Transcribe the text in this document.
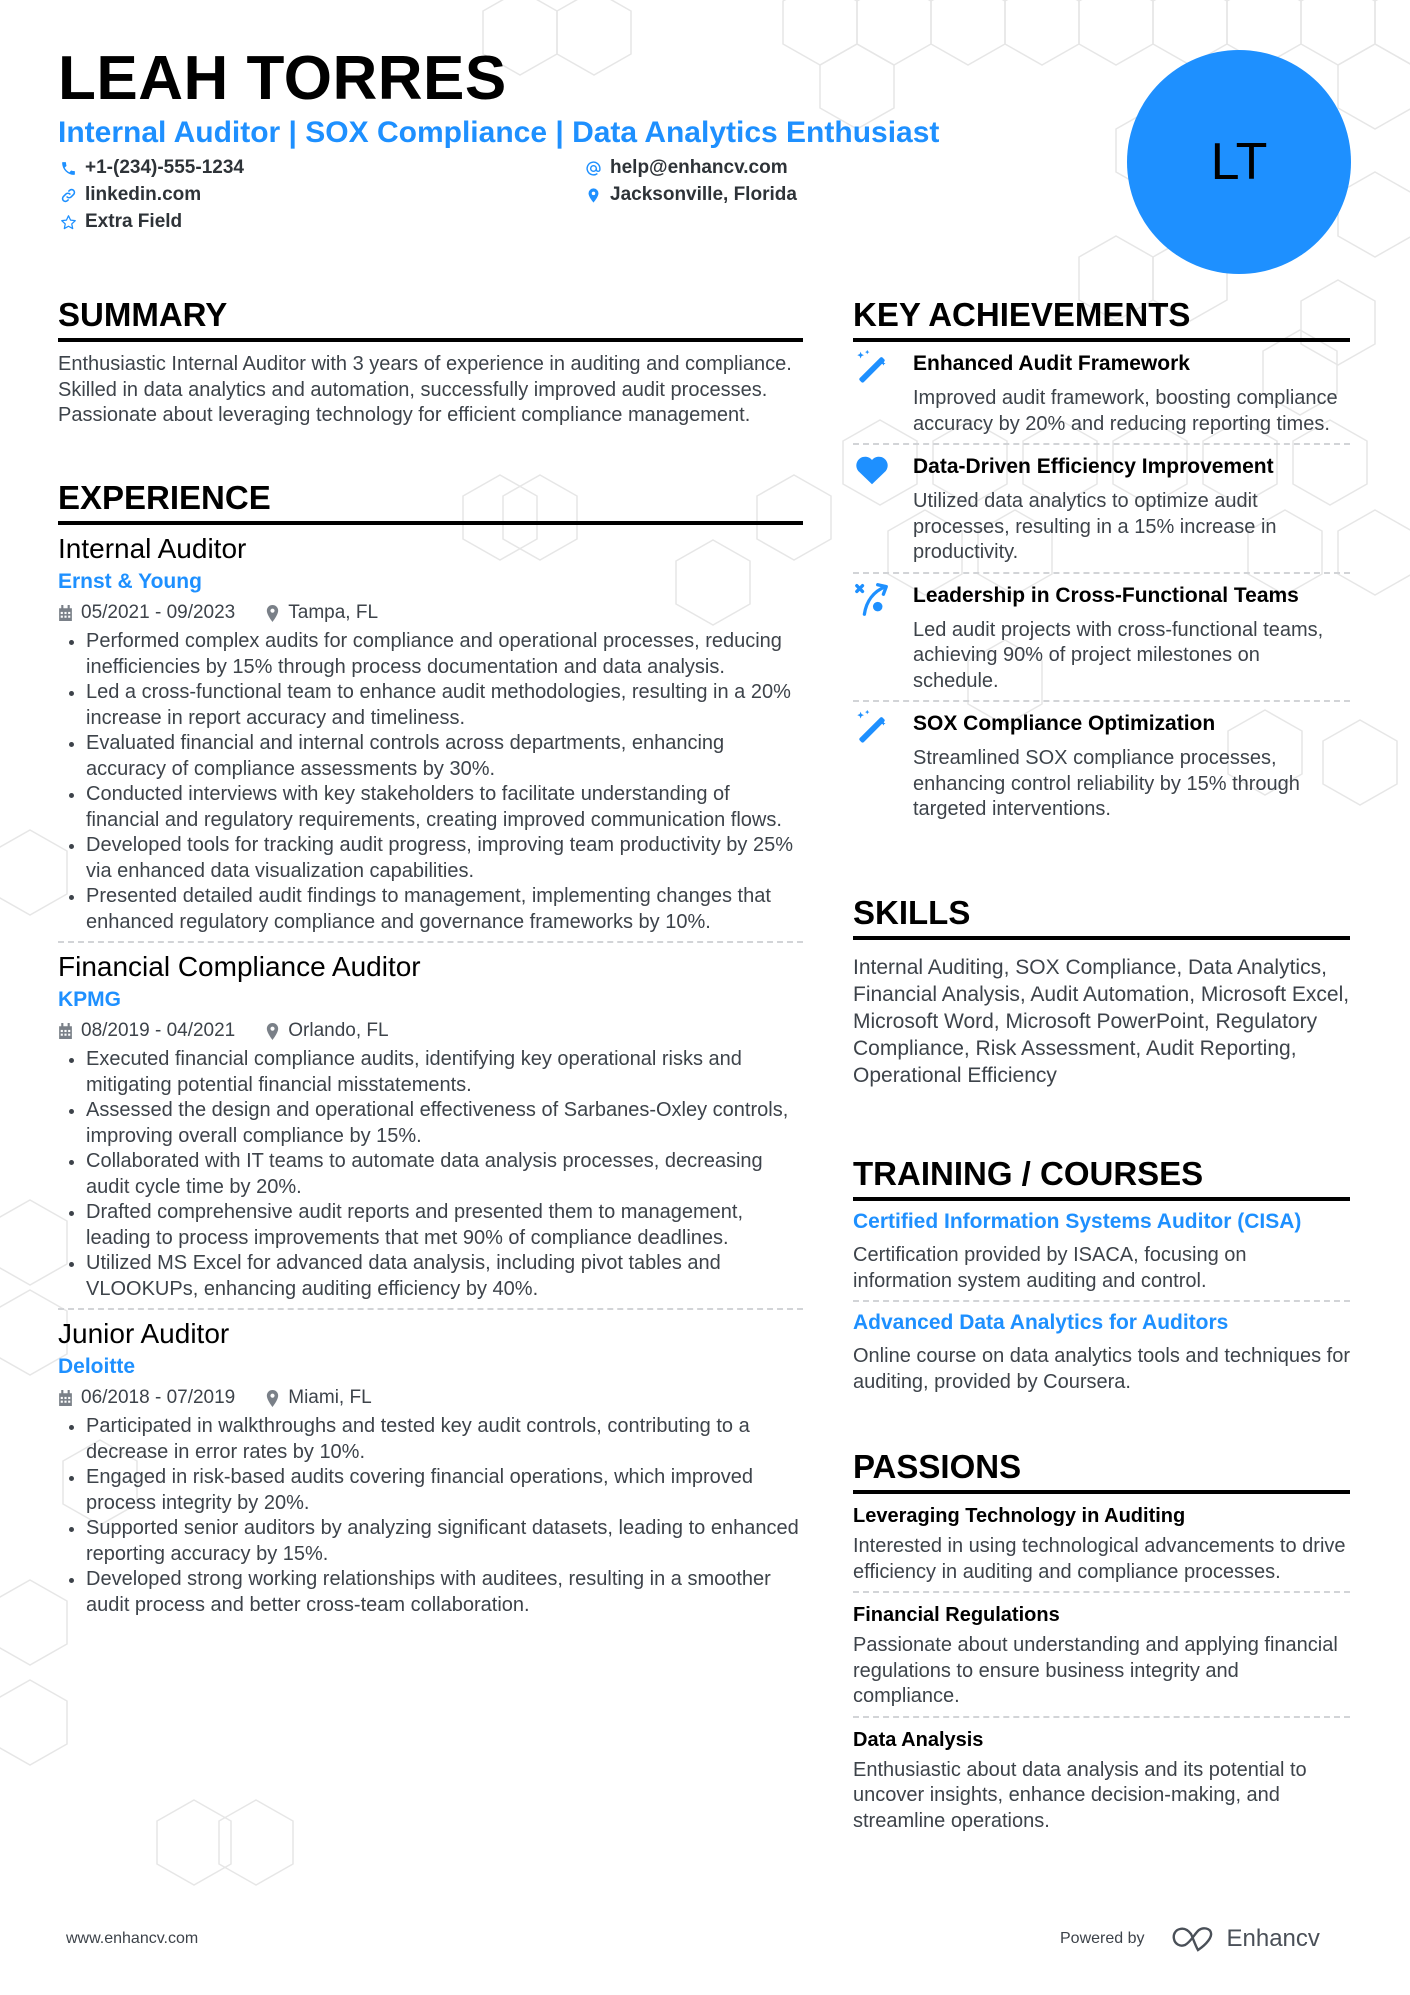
LEAH TORRES
Internal Auditor | SOX Compliance | Data Analytics Enthusiast
+1-(234)-555-1234	help@enhancv.com
linkedin.com	Jacksonville, Florida
Extra Field
LT
SUMMARY
Enthusiastic Internal Auditor with 3 years of experience in auditing and compliance. Skilled in data analytics and automation, successfully improved audit processes. Passionate about leveraging technology for efficient compliance management.
EXPERIENCE
Internal Auditor
Ernst & Young
05/2021 - 09/2023	Tampa, FL
Performed complex audits for compliance and operational processes, reducing inefficiencies by 15% through process documentation and data analysis.
Led a cross-functional team to enhance audit methodologies, resulting in a 20% increase in report accuracy and timeliness.
Evaluated financial and internal controls across departments, enhancing accuracy of compliance assessments by 30%.
Conducted interviews with key stakeholders to facilitate understanding of financial and regulatory requirements, creating improved communication flows.
Developed tools for tracking audit progress, improving team productivity by 25% via enhanced data visualization capabilities.
Presented detailed audit findings to management, implementing changes that enhanced regulatory compliance and governance frameworks by 10%.
Financial Compliance Auditor
KPMG
08/2019 - 04/2021	Orlando, FL
Executed financial compliance audits, identifying key operational risks and mitigating potential financial misstatements.
Assessed the design and operational effectiveness of Sarbanes-Oxley controls, improving overall compliance by 15%.
Collaborated with IT teams to automate data analysis processes, decreasing audit cycle time by 20%.
Drafted comprehensive audit reports and presented them to management, leading to process improvements that met 90% of compliance deadlines.
Utilized MS Excel for advanced data analysis, including pivot tables and VLOOKUPs, enhancing auditing efficiency by 40%.
Junior Auditor
Deloitte
06/2018 - 07/2019	Miami, FL
Participated in walkthroughs and tested key audit controls, contributing to a decrease in error rates by 10%.
Engaged in risk-based audits covering financial operations, which improved process integrity by 20%.
Supported senior auditors by analyzing significant datasets, leading to enhanced reporting accuracy by 15%.
Developed strong working relationships with auditees, resulting in a smoother audit process and better cross-team collaboration.
KEY ACHIEVEMENTS
Enhanced Audit Framework
Improved audit framework, boosting compliance accuracy by 20% and reducing reporting times.
Data-Driven Efficiency Improvement
Utilized data analytics to optimize audit processes, resulting in a 15% increase in productivity.
Leadership in Cross-Functional Teams
Led audit projects with cross-functional teams, achieving 90% of project milestones on schedule.
SOX Compliance Optimization
Streamlined SOX compliance processes, enhancing control reliability by 15% through targeted interventions.
SKILLS
Internal Auditing, SOX Compliance, Data Analytics, Financial Analysis, Audit Automation, Microsoft Excel, Microsoft Word, Microsoft PowerPoint, Regulatory Compliance, Risk Assessment, Audit Reporting, Operational Efficiency
TRAINING / COURSES
Certified Information Systems Auditor (CISA)
Certification provided by ISACA, focusing on information system auditing and control.
Advanced Data Analytics for Auditors
Online course on data analytics tools and techniques for auditing, provided by Coursera.
PASSIONS
Leveraging Technology in Auditing
Interested in using technological advancements to drive efficiency in auditing and compliance processes.
Financial Regulations
Passionate about understanding and applying financial regulations to ensure business integrity and compliance.
Data Analysis
Enthusiastic about data analysis and its potential to uncover insights, enhance decision-making, and streamline operations.
www.enhancv.com	Powered by	Enhancv
